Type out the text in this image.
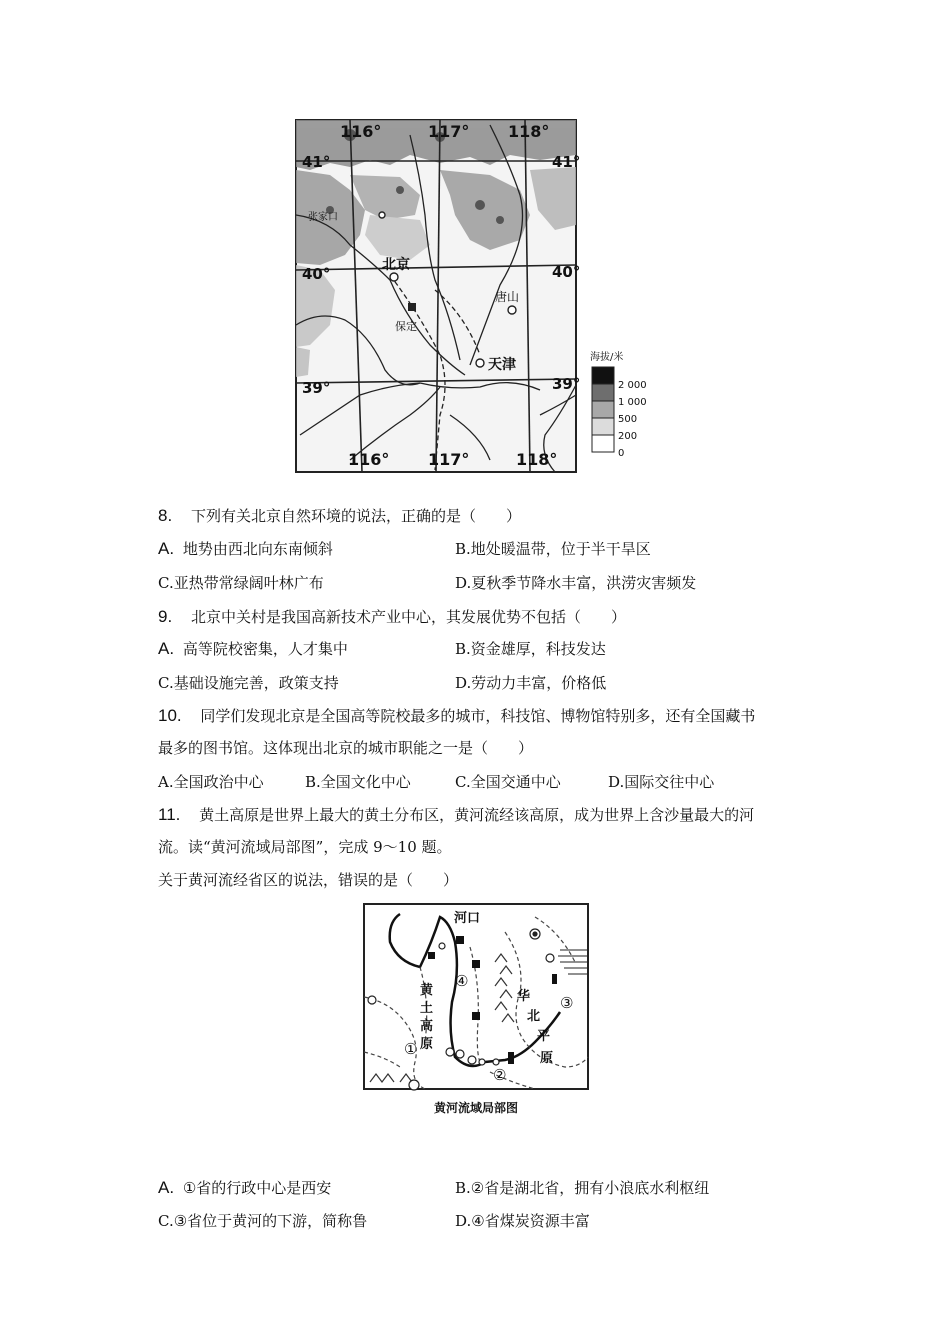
116°	117° 118°
116° 117°	118°
41°	41°
40°	40°
39°	39°
北京
天津
张家口
唐山
保定
海拔/米
2 000
1 000
500
200
0
8. 下列有关北京自然环境的说法，正确的是（　　）
A. 地势由西北向东南倾斜	B.地处暖温带，位于半干旱区
C.亚热带常绿阔叶林广布	D.夏秋季节降水丰富，洪涝灾害频发
9. 北京中关村是我国高新技术产业中心，其发展优势不包括（　　）
A. 高等院校密集，人才集中	B.资金雄厚，科技发达
C.基础设施完善，政策支持	D.劳动力丰富，价格低
10. 同学们发现北京是全国高等院校最多的城市，科技馆、博物馆特别多，还有全国藏书
最多的图书馆。这体现出北京的城市职能之一是（　　）
A.全国政治中心	B.全国文化中心	C.全国交通中心	D.国际交往中心
11. 黄土高原是世界上最大的黄土分布区，黄河流经该高原，成为世界上含沙量最大的河
流。读“黄河流域局部图”，完成 9～10 题。
关于黄河流经省区的说法，错误的是（　　）
河口
黄
土
高
原
华
北
平
原
①
②
③
④
黄河流域局部图
A. ①省的行政中心是西安	B.②省是湖北省，拥有小浪底水利枢纽
C.③省位于黄河的下游，简称鲁	D.④省煤炭资源丰富
